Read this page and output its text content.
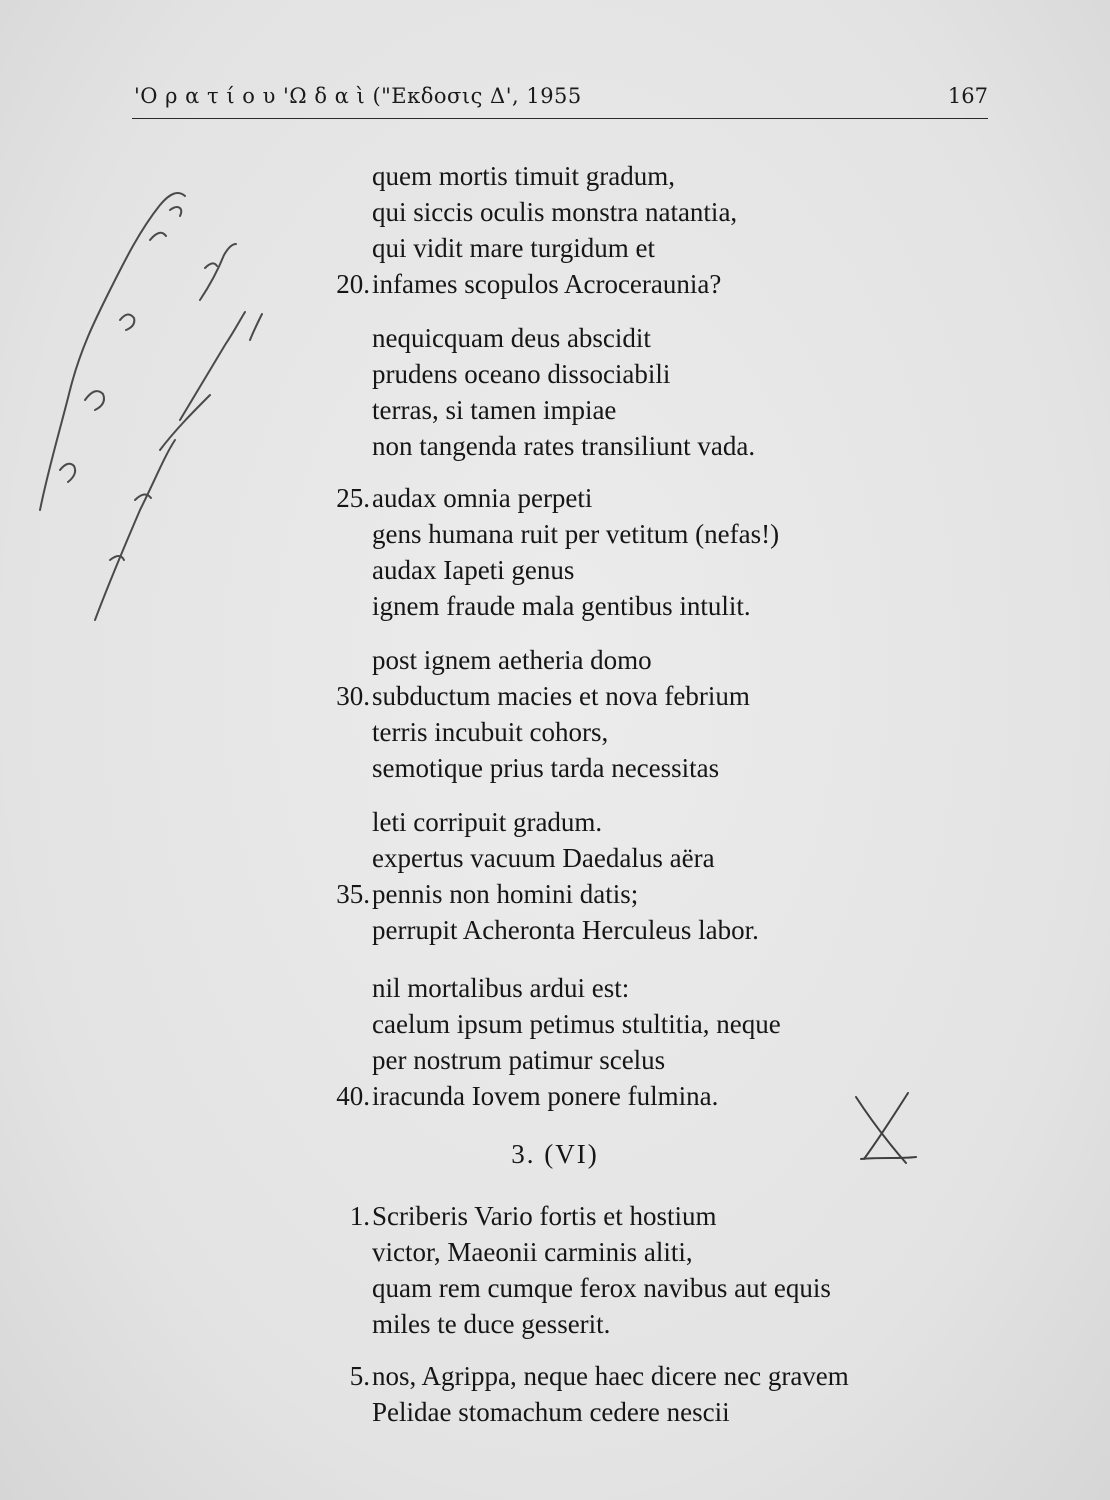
'Ο ρ α τ ί ο υ 'Ω δ α ὶ ("Εκδοσις Δ', 1955	167
quem mortis timuit gradum,
qui siccis oculis monstra natantia,
qui vidit mare turgidum et
20.infames scopulos Acroceraunia?
nequicquam deus abscidit
prudens oceano dissociabili
terras, si tamen impiae
non tangenda rates transiliunt vada.
25.audax omnia perpeti
gens humana ruit per vetitum (nefas!)
audax Iapeti genus
ignem fraude mala gentibus intulit.
post ignem aetheria domo
30.subductum macies et nova febrium
terris incubuit cohors,
semotique prius tarda necessitas
leti corripuit gradum.
expertus vacuum Daedalus aëra
35.pennis non homini datis;
perrupit Acheronta Herculeus labor.
nil mortalibus ardui est:
caelum ipsum petimus stultitia, neque
per nostrum patimur scelus
40.iracunda Iovem ponere fulmina.
3. (VI)
1.Scriberis Vario fortis et hostium
victor, Maeonii carminis aliti,
quam rem cumque ferox navibus aut equis
miles te duce gesserit.
5.nos, Agrippa, neque haec dicere nec gravem
Pelidae stomachum cedere nescii
